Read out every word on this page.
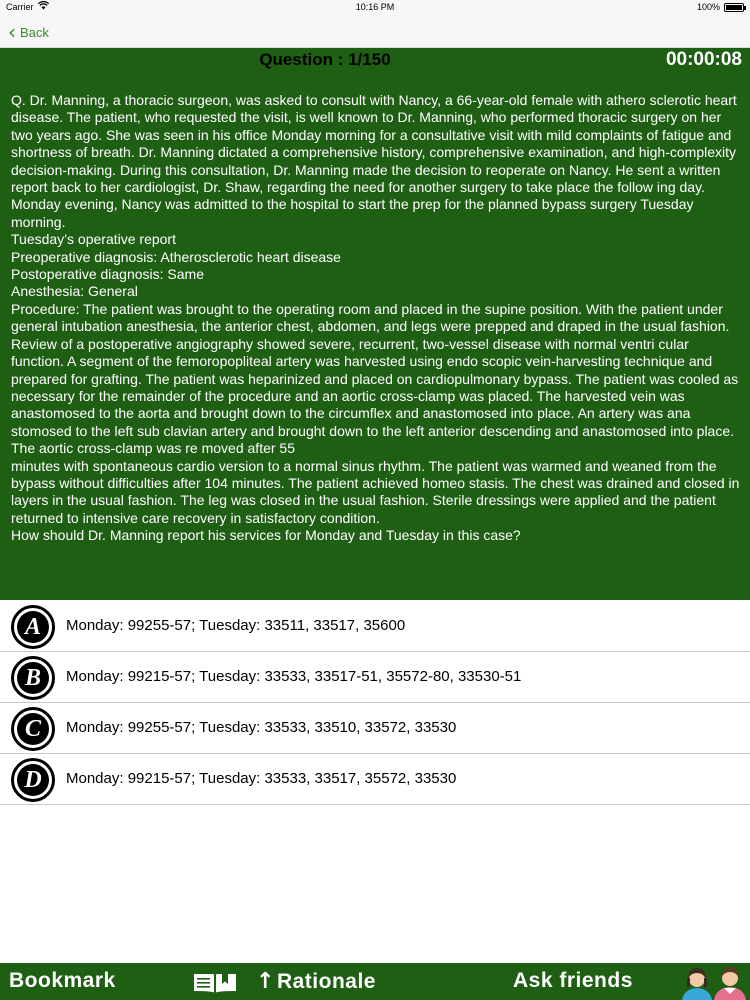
Carrier	10:16 PM	100%
‹ Back
Question : 1/150	00:00:08
Q. Dr. Manning, a thoracic surgeon, was asked to consult with Nancy, a 66-year-old female with athero sclerotic heart disease. The patient, who requested the visit, is well known to Dr. Manning, who performed thoracic surgery on her two years ago. She was seen in his office Monday morning for a consultative visit with mild complaints of fatigue and shortness of breath. Dr. Manning dictated a comprehensive history, comprehensive examination, and high-complexity decision-making. During this consultation, Dr. Manning made the decision to reoperate on Nancy. He sent a written report back to her cardiologist, Dr. Shaw, regarding the need for another surgery to take place the follow ing day. Monday evening, Nancy was admitted to the hospital to start the prep for the planned bypass surgery Tuesday morning.
Tuesday’s operative report
Preoperative diagnosis: Atherosclerotic heart disease
Postoperative diagnosis: Same
Anesthesia: General
Procedure: The patient was brought to the operating room and placed in the supine position. With the patient under general intubation anesthesia, the anterior chest, abdomen, and legs were prepped and draped in the usual fashion. Review of a postoperative angiography showed severe, recurrent, two-vessel disease with normal ventri cular function. A segment of the femoropopliteal artery was harvested using endo scopic vein-harvesting technique and prepared for grafting. The patient was heparinized and placed on cardiopulmonary bypass. The patient was cooled as necessary for the remainder of the procedure and an aortic cross-clamp was placed. The harvested vein was anastomosed to the aorta and brought down to the circumflex and anastomosed into place. An artery was ana stomosed to the left sub clavian artery and brought down to the left anterior descending and anastomosed into place. The aortic cross-clamp was re moved after 55
minutes with spontaneous cardio version to a normal sinus rhythm. The patient was warmed and weaned from the bypass without difficulties after 104 minutes. The patient achieved homeo stasis. The chest was drained and closed in layers in the usual fashion. The leg was closed in the usual fashion. Sterile dressings were applied and the patient returned to intensive care recovery in satisfactory condition.
How should Dr. Manning report his services for Monday and Tuesday in this case?
A	Monday: 99255-57; Tuesday: 33511, 33517, 35600
B	Monday: 99215-57; Tuesday: 33533, 33517-51, 35572-80, 33530-51
C	Monday: 99255-57; Tuesday: 33533, 33510, 33572, 33530
D	Monday: 99215-57; Tuesday: 33533, 33517, 35572, 33530
Bookmark	↑ Rationale	Ask friends
